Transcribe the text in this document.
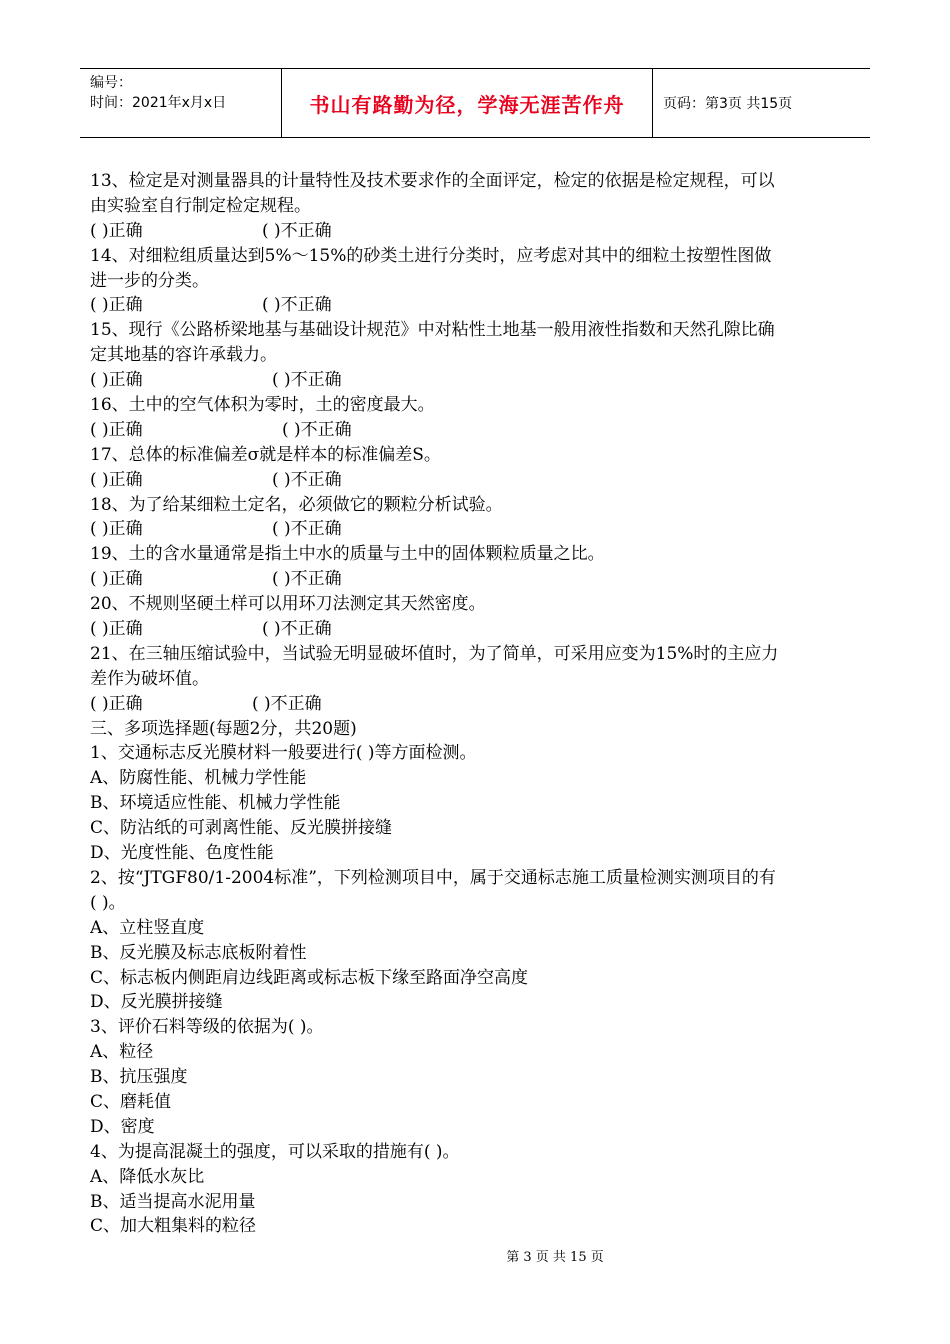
编号：
时间：2021年x月x日	书山有路勤为径，学海无涯苦作舟	页码：第3页 共15页
13、检定是对测量器具的计量特性及技术要求作的全面评定，检定的依据是检定规程，可以
由实验室自行制定检定规程。
( )正确	( )不正确
14、对细粒组质量达到5%～15%的砂类土进行分类时，应考虑对其中的细粒土按塑性图做
进一步的分类。
( )正确	( )不正确
15、现行《公路桥梁地基与基础设计规范》中对粘性土地基一般用液性指数和天然孔隙比确
定其地基的容许承载力。
( )正确	( )不正确
16、土中的空气体积为零时，土的密度最大。
( )正确	( )不正确
17、总体的标准偏差σ就是样本的标准偏差S。
( )正确	( )不正确
18、为了给某细粒土定名，必须做它的颗粒分析试验。
( )正确	( )不正确
19、土的含水量通常是指土中水的质量与土中的固体颗粒质量之比。
( )正确	( )不正确
20、不规则坚硬土样可以用环刀法测定其天然密度。
( )正确	( )不正确
21、在三轴压缩试验中，当试验无明显破坏值时，为了简单，可采用应变为15%时的主应力
差作为破坏值。
( )正确	( )不正确
三、多项选择题(每题2分，共20题)
1、交通标志反光膜材料一般要进行( )等方面检测。
A、防腐性能、机械力学性能
B、环境适应性能、机械力学性能
C、防沾纸的可剥离性能、反光膜拼接缝
D、光度性能、色度性能
2、按“JTGF80/1-2004标准”，下列检测项目中，属于交通标志施工质量检测实测项目的有
( )。
A、立柱竖直度
B、反光膜及标志底板附着性
C、标志板内侧距肩边线距离或标志板下缘至路面净空高度
D、反光膜拼接缝
3、评价石料等级的依据为( )。
A、粒径
B、抗压强度
C、磨耗值
D、密度
4、为提高混凝土的强度，可以采取的措施有( )。
A、降低水灰比
B、适当提高水泥用量
C、加大粗集料的粒径
第 3 页 共 15 页
